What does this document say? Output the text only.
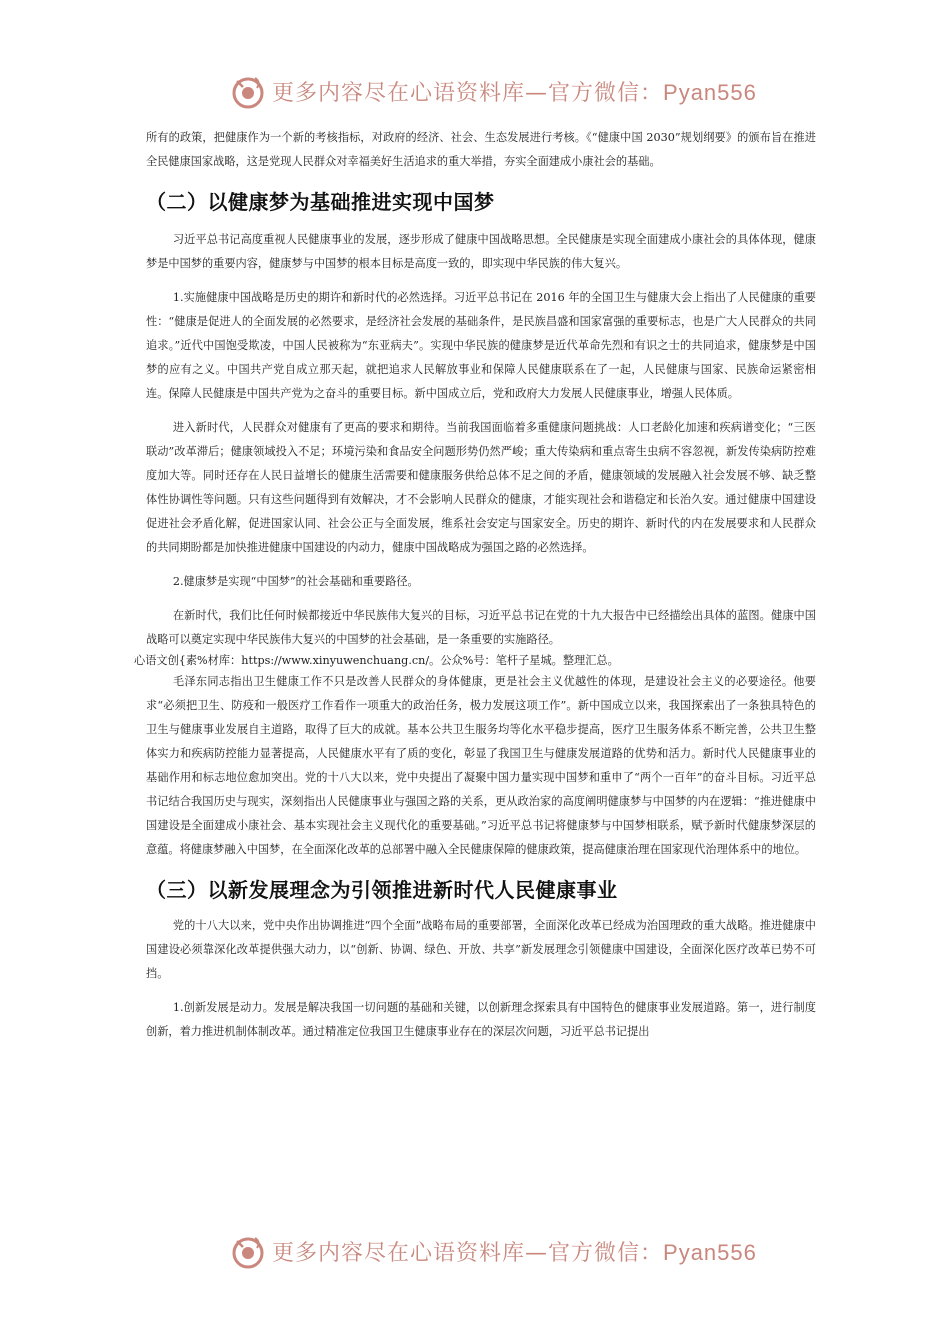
更多内容尽在心语资料库—官方微信：Pyan556

所有的政策，把健康作为一个新的考核指标，对政府的经济、社会、生态发展进行考核。《“健康中国 2030”规划纲要》的颁布旨在推进全民健康国家战略，这是党现人民群众对幸福美好生活追求的重大举措，夯实全面建成小康社会的基础。

（二）以健康梦为基础推进实现中国梦

习近平总书记高度重视人民健康事业的发展，逐步形成了健康中国战略思想。全民健康是实现全面建成小康社会的具体体现，健康梦是中国梦的重要内容，健康梦与中国梦的根本目标是高度一致的，即实现中华民族的伟大复兴。

1.实施健康中国战略是历史的期许和新时代的必然选择。习近平总书记在 2016 年的全国卫生与健康大会上指出了人民健康的重要性：“健康是促进人的全面发展的必然要求，是经济社会发展的基础条件，是民族昌盛和国家富强的重要标志，也是广大人民群众的共同追求。”近代中国饱受欺凌，中国人民被称为“东亚病夫”。实现中华民族的健康梦是近代革命先烈和有识之士的共同追求，健康梦是中国梦的应有之义。中国共产党自成立那天起，就把追求人民解放事业和保障人民健康联系在了一起，人民健康与国家、民族命运紧密相连。保障人民健康是中国共产党为之奋斗的重要目标。新中国成立后，党和政府大力发展人民健康事业，增强人民体质。

进入新时代，人民群众对健康有了更高的要求和期待。当前我国面临着多重健康问题挑战：人口老龄化加速和疾病谱变化；“三医联动”改革滞后；健康领域投入不足；环境污染和食品安全问题形势仍然严峻；重大传染病和重点寄生虫病不容忽视，新发传染病防控难度加大等。同时还存在人民日益增长的健康生活需要和健康服务供给总体不足之间的矛盾，健康领域的发展融入社会发展不够、缺乏整体性协调性等问题。只有这些问题得到有效解决，才不会影响人民群众的健康，才能实现社会和谐稳定和长治久安。通过健康中国建设促进社会矛盾化解，促进国家认同、社会公正与全面发展，维系社会安定与国家安全。历史的期许、新时代的内在发展要求和人民群众的共同期盼都是加快推进健康中国建设的内动力，健康中国战略成为强国之路的必然选择。

2.健康梦是实现“中国梦”的社会基础和重要路径。

在新时代，我们比任何时候都接近中华民族伟大复兴的目标，习近平总书记在党的十九大报告中已经描绘出具体的蓝图。健康中国战略可以奠定实现中华民族伟大复兴的中国梦的社会基础，是一条重要的实施路径。

心语文创{素%材库：https://www.xinyuwenchuang.cn/。公众%号：笔杆子星城。整理汇总。

毛泽东同志指出卫生健康工作不只是改善人民群众的身体健康，更是社会主义优越性的体现，是建设社会主义的必要途径。他要求“必须把卫生、防疫和一般医疗工作看作一项重大的政治任务，极力发展这项工作”。新中国成立以来，我国探索出了一条独具特色的卫生与健康事业发展自主道路，取得了巨大的成就。基本公共卫生服务均等化水平稳步提高，医疗卫生服务体系不断完善，公共卫生整体实力和疾病防控能力显著提高，人民健康水平有了质的变化，彰显了我国卫生与健康发展道路的优势和活力。新时代人民健康事业的基础作用和标志地位愈加突出。党的十八大以来，党中央提出了凝聚中国力量实现中国梦和重申了“两个一百年”的奋斗目标。习近平总书记结合我国历史与现实，深刻指出人民健康事业与强国之路的关系，更从政治家的高度阐明健康梦与中国梦的内在逻辑：“推进健康中国建设是全面建成小康社会、基本实现社会主义现代化的重要基础。”习近平总书记将健康梦与中国梦相联系，赋予新时代健康梦深层的意蕴。将健康梦融入中国梦，在全面深化改革的总部署中融入全民健康保障的健康政策，提高健康治理在国家现代治理体系中的地位。

（三）以新发展理念为引领推进新时代人民健康事业

党的十八大以来，党中央作出协调推进“四个全面”战略布局的重要部署，全面深化改革已经成为治国理政的重大战略。推进健康中国建设必须靠深化改革提供强大动力，以“创新、协调、绿色、开放、共享”新发展理念引领健康中国建设，全面深化医疗改革已势不可挡。

1.创新发展是动力。发展是解决我国一切问题的基础和关键，以创新理念探索具有中国特色的健康事业发展道路。第一，进行制度创新，着力推进机制体制改革。通过精准定位我国卫生健康事业存在的深层次问题，习近平总书记提出

更多内容尽在心语资料库—官方微信：Pyan556
